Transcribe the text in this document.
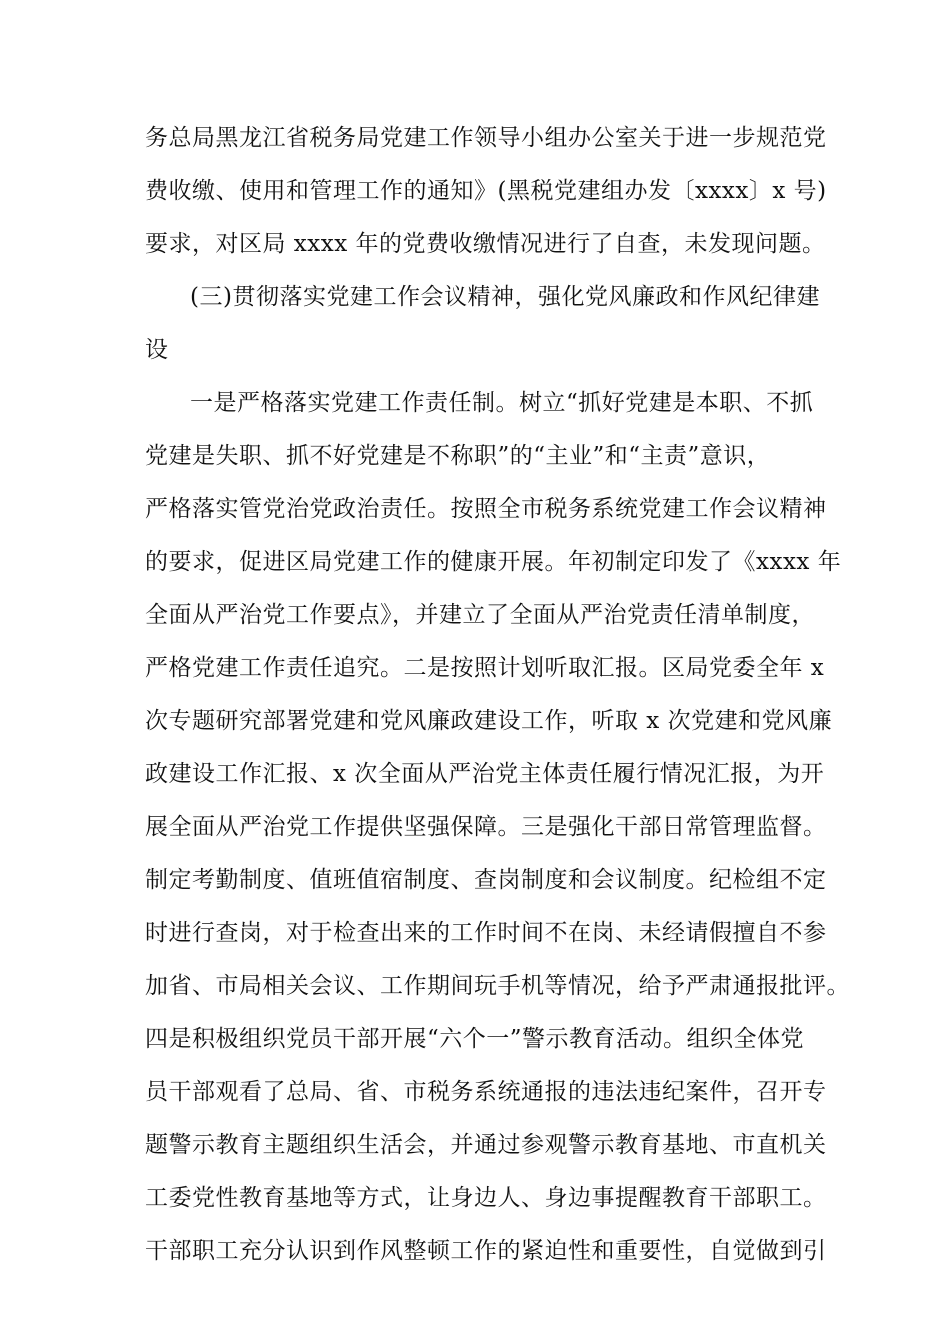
务总局黑龙江省税务局党建工作领导小组办公室关于进一步规范党
费收缴、使用和管理工作的通知》(黑税党建组办发〔xxxx〕x 号)
要求，对区局 xxxx 年的党费收缴情况进行了自查，未发现问题。
(三)贯彻落实党建工作会议精神，强化党风廉政和作风纪律建
设
一是严格落实党建工作责任制。树立“抓好党建是本职、不抓
党建是失职、抓不好党建是不称职”的“主业”和“主责”意识，
严格落实管党治党政治责任。按照全市税务系统党建工作会议精神
的要求，促进区局党建工作的健康开展。年初制定印发了《xxxx 年
全面从严治党工作要点》，并建立了全面从严治党责任清单制度，
严格党建工作责任追究。二是按照计划听取汇报。区局党委全年 x
次专题研究部署党建和党风廉政建设工作，听取 x 次党建和党风廉
政建设工作汇报、x 次全面从严治党主体责任履行情况汇报，为开
展全面从严治党工作提供坚强保障。三是强化干部日常管理监督。
制定考勤制度、值班值宿制度、查岗制度和会议制度。纪检组不定
时进行查岗，对于检查出来的工作时间不在岗、未经请假擅自不参
加省、市局相关会议、工作期间玩手机等情况，给予严肃通报批评。
四是积极组织党员干部开展“六个一”警示教育活动。组织全体党
员干部观看了总局、省、市税务系统通报的违法违纪案件，召开专
题警示教育主题组织生活会，并通过参观警示教育基地、市直机关
工委党性教育基地等方式，让身边人、身边事提醒教育干部职工。
干部职工充分认识到作风整顿工作的紧迫性和重要性，自觉做到引
